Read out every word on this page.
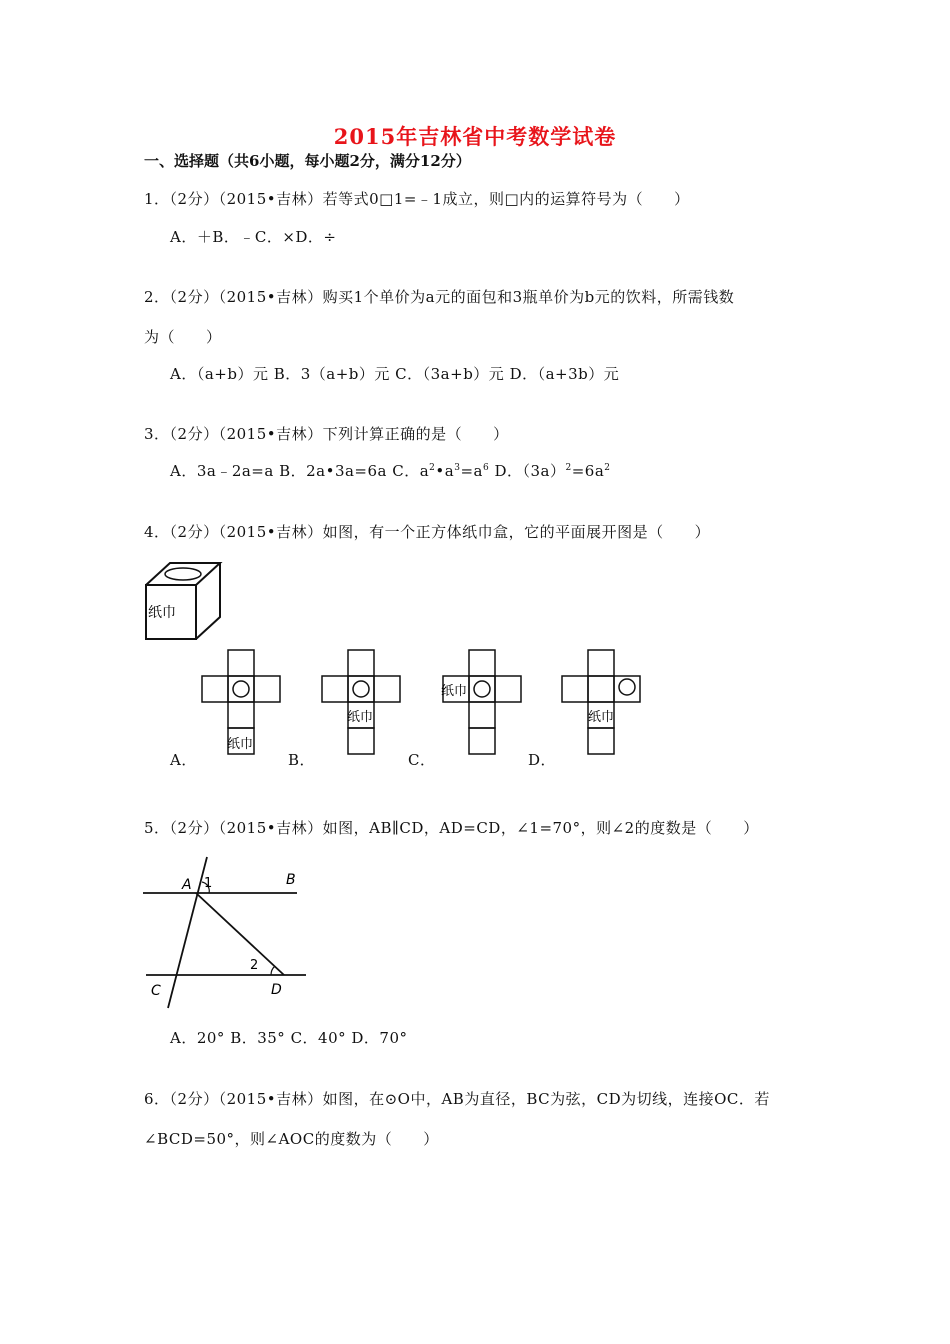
2015年吉林省中考数学试卷
一、选择题（共6小题，每小题2分，满分12分）
1．（2分）（2015•吉林）若等式0□1=﹣1成立，则□内的运算符号为（　　）
A．＋B．﹣C．×D．÷
2．（2分）（2015•吉林）购买1个单价为a元的面包和3瓶单价为b元的饮料，所需钱数
为（　　）
A．（a+b）元 B．3（a+b）元 C．（3a+b）元 D．（a+3b）元
3．（2分）（2015•吉林）下列计算正确的是（　　）
A．3a﹣2a=a B．2a•3a=6a C．$a^2•a^3=a^6$ D．$(3a)^2=6a^2$
4．（2分）（2015•吉林）如图，有一个正方体纸巾盒，它的平面展开图是（　　）
纸巾
纸巾
纸巾
纸巾
纸巾
A 1	B
2
C	D
A．	B．	C．	D．
5．（2分）（2015•吉林）如图，AB∥CD，AD=CD，∠1=70°，则∠2的度数是（　　）
A．20° B．35° C．40° D．70°
6．（2分）（2015•吉林）如图，在⊙O中，AB为直径，BC为弦，CD为切线，连接OC．若
∠BCD=50°，则∠AOC的度数为（　　）
